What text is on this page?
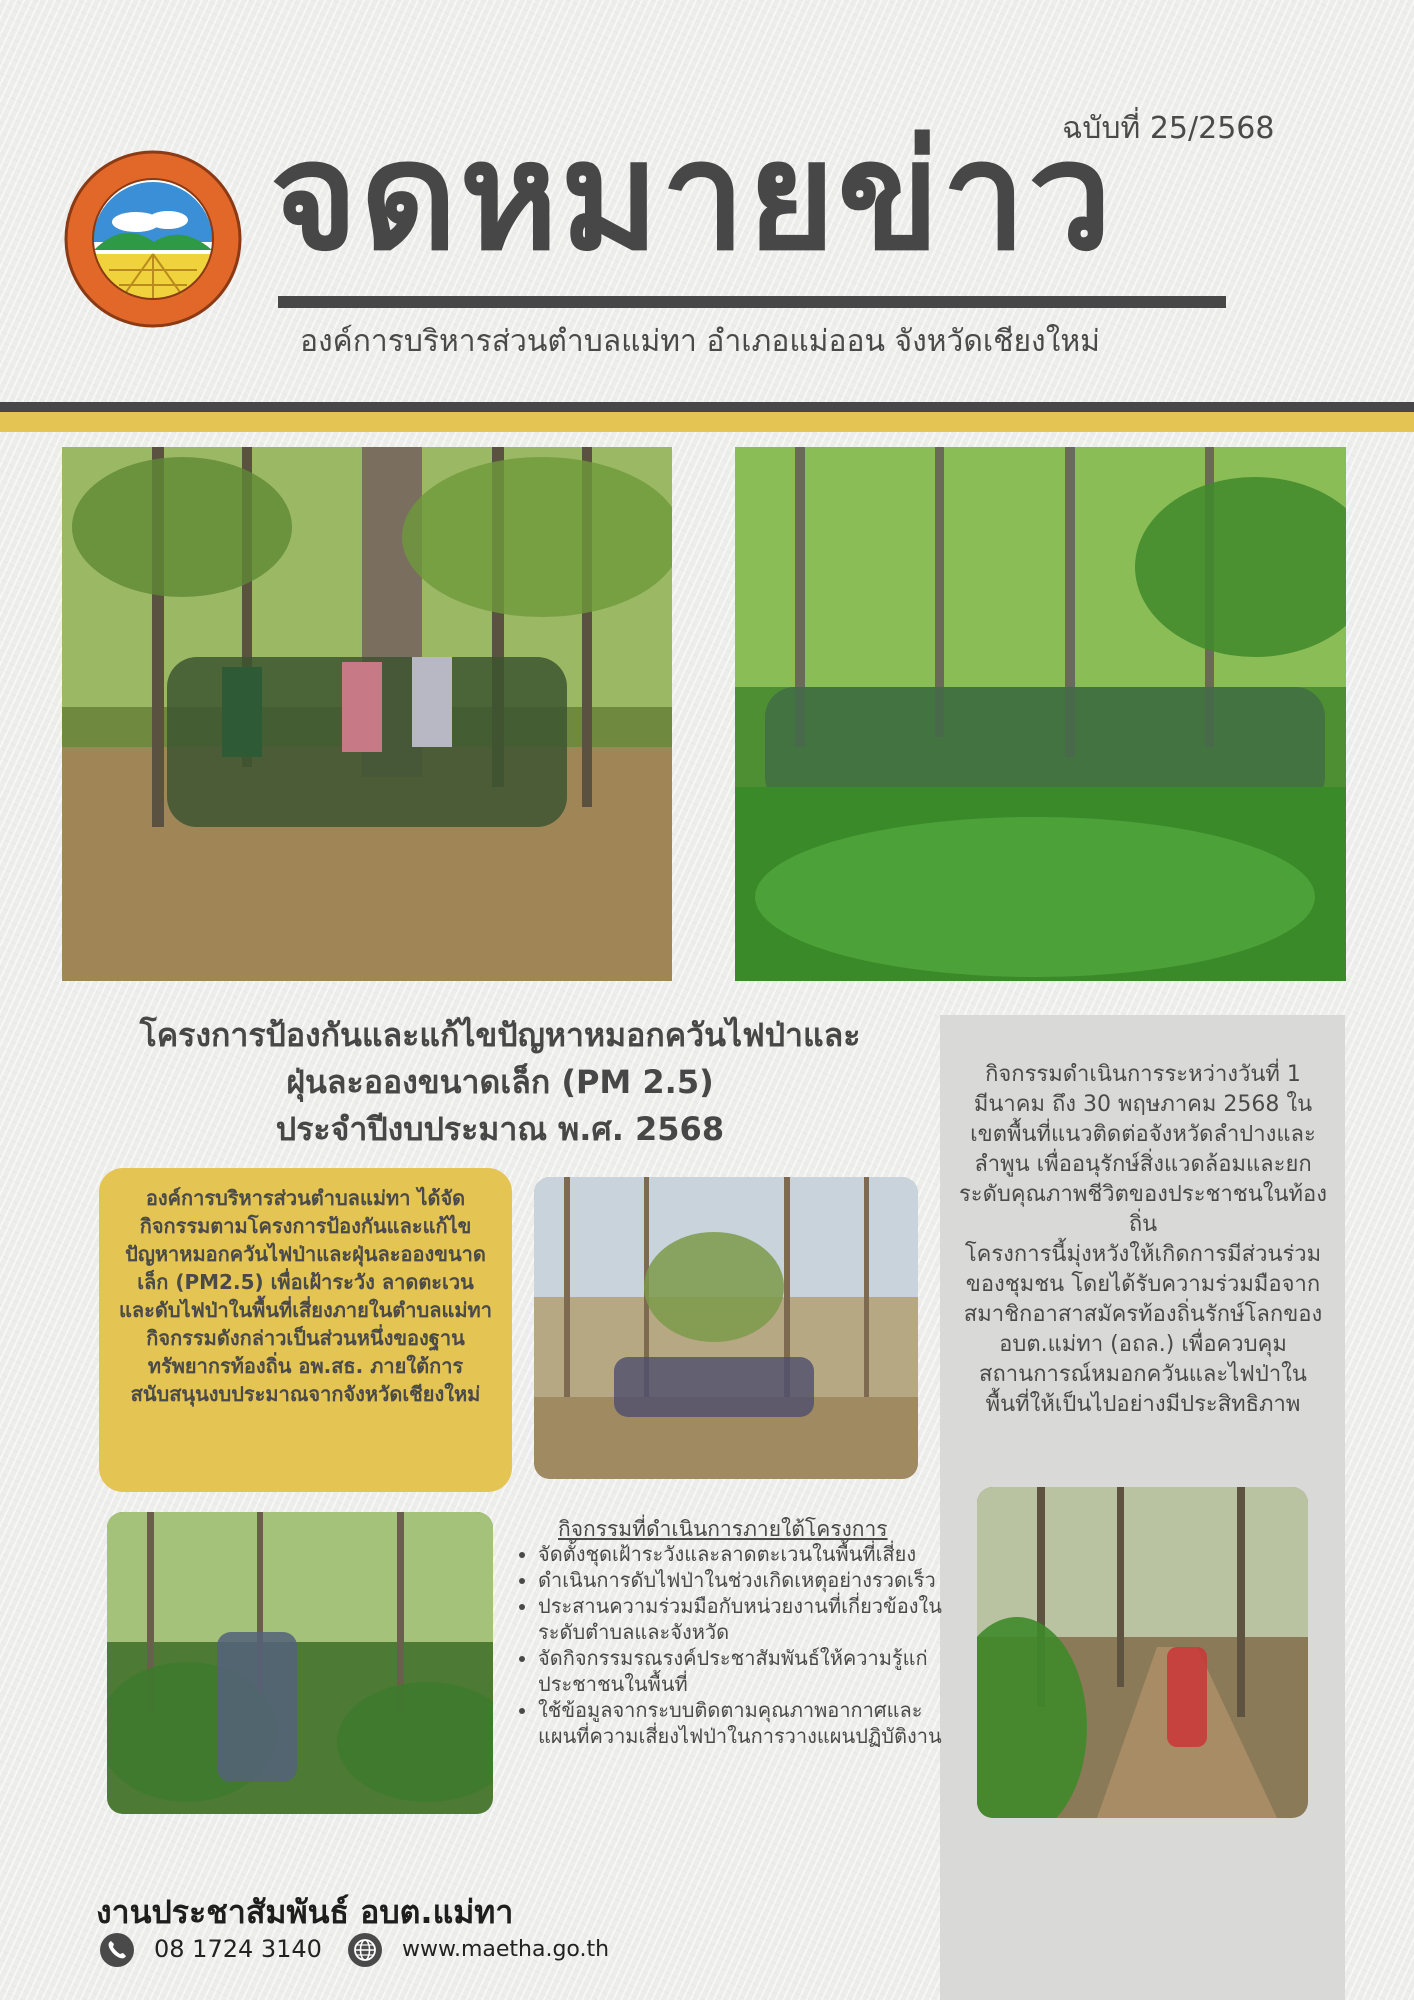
ฉบับที่ 25/2568
จดหมายข่าว
องค์การบริหารส่วนตำบลแม่ทา อำเภอแม่ออน จังหวัดเชียงใหม่
กิจกรรมดำเนินการระหว่างวันที่ 1 มีนาคม ถึง 30 พฤษภาคม 2568 ในเขตพื้นที่แนวติดต่อจังหวัดลำปางและลำพูน เพื่ออนุรักษ์สิ่งแวดล้อมและยกระดับคุณภาพชีวิตของประชาชนในท้องถิ่น
โครงการนี้มุ่งหวังให้เกิดการมีส่วนร่วมของชุมชน โดยได้รับความร่วมมือจากสมาชิกอาสาสมัครท้องถิ่นรักษ์โลกของ อบต.แม่ทา (อถล.) เพื่อควบคุมสถานการณ์หมอกควันและไฟป่าในพื้นที่ให้เป็นไปอย่างมีประสิทธิภาพ
โครงการป้องกันและแก้ไขปัญหาหมอกควันไฟป่าและ
ฝุ่นละอองขนาดเล็ก (PM 2.5)
ประจำปีงบประมาณ พ.ศ. 2568
องค์การบริหารส่วนตำบลแม่ทา ได้จัดกิจกรรมตามโครงการป้องกันและแก้ไขปัญหาหมอกควันไฟป่าและฝุ่นละอองขนาดเล็ก (PM2.5) เพื่อเฝ้าระวัง ลาดตะเวน และดับไฟป่าในพื้นที่เสี่ยงภายในตำบลแม่ทา กิจกรรมดังกล่าวเป็นส่วนหนึ่งของฐานทรัพยากรท้องถิ่น อพ.สธ. ภายใต้การสนับสนุนงบประมาณจากจังหวัดเชียงใหม่
กิจกรรมที่ดำเนินการภายใต้โครงการ
• จัดตั้งชุดเฝ้าระวังและลาดตะเวนในพื้นที่เสี่ยง
• ดำเนินการดับไฟป่าในช่วงเกิดเหตุอย่างรวดเร็ว
• ประสานความร่วมมือกับหน่วยงานที่เกี่ยวข้องในระดับตำบลและจังหวัด
• จัดกิจกรรมรณรงค์ประชาสัมพันธ์ให้ความรู้แก่ประชาชนในพื้นที่
• ใช้ข้อมูลจากระบบติดตามคุณภาพอากาศและแผนที่ความเสี่ยงไฟป่าในการวางแผนปฏิบัติงาน
งานประชาสัมพันธ์ อบต.แม่ทา
08 1724 3140	www.maetha.go.th
